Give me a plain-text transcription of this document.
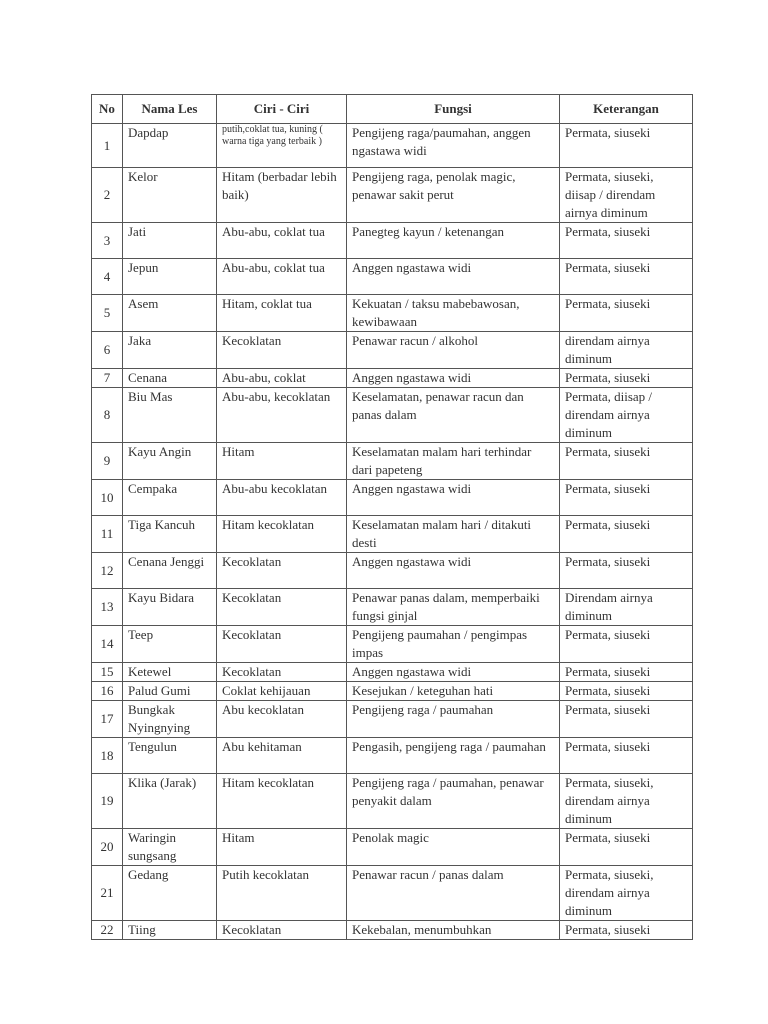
No	Nama Les	Ciri - Ciri	Fungsi	Keterangan
1	Dapdap	putih,coklat tua, kuning ( warna tiga yang terbaik )	Pengijeng raga/paumahan, anggen ngastawa widi	Permata, siuseki
2	Kelor	Hitam (berbadar lebih baik)	Pengijeng raga, penolak magic, penawar sakit perut	Permata, siuseki, diisap / direndam airnya diminum
3	Jati	Abu-abu, coklat tua	Panegteg kayun / ketenangan	Permata, siuseki
4	Jepun	Abu-abu, coklat tua	Anggen ngastawa widi	Permata, siuseki
5	Asem	Hitam, coklat tua	Kekuatan / taksu mabebawosan, kewibawaan	Permata, siuseki
6	Jaka	Kecoklatan	Penawar racun / alkohol	direndam airnya diminum
7	Cenana	Abu-abu, coklat	Anggen ngastawa widi	Permata, siuseki
8	Biu Mas	Abu-abu, kecoklatan	Keselamatan, penawar racun dan panas dalam	Permata, diisap / direndam airnya diminum
9	Kayu Angin	Hitam	Keselamatan malam hari terhindar dari papeteng	Permata, siuseki
10	Cempaka	Abu-abu kecoklatan	Anggen ngastawa widi	Permata, siuseki
11	Tiga Kancuh	Hitam kecoklatan	Keselamatan malam hari / ditakuti desti	Permata, siuseki
12	Cenana Jenggi	Kecoklatan	Anggen ngastawa widi	Permata, siuseki
13	Kayu Bidara	Kecoklatan	Penawar panas dalam, memperbaiki fungsi ginjal	Direndam airnya diminum
14	Teep	Kecoklatan	Pengijeng paumahan / pengimpas impas	Permata, siuseki
15	Ketewel	Kecoklatan	Anggen ngastawa widi	Permata, siuseki
16	Palud Gumi	Coklat kehijauan	Kesejukan / keteguhan hati	Permata, siuseki
17	Bungkak Nyingnying	Abu kecoklatan	Pengijeng raga / paumahan	Permata, siuseki
18	Tengulun	Abu kehitaman	Pengasih, pengijeng raga / paumahan	Permata, siuseki
19	Klika (Jarak)	Hitam kecoklatan	Pengijeng raga / paumahan, penawar penyakit dalam	Permata, siuseki, direndam airnya diminum
20	Waringin sungsang	Hitam	Penolak magic	Permata, siuseki
21	Gedang	Putih kecoklatan	Penawar racun / panas dalam	Permata, siuseki, direndam airnya diminum
22	Tiing	Kecoklatan	Kekebalan, menumbuhkan	Permata, siuseki
